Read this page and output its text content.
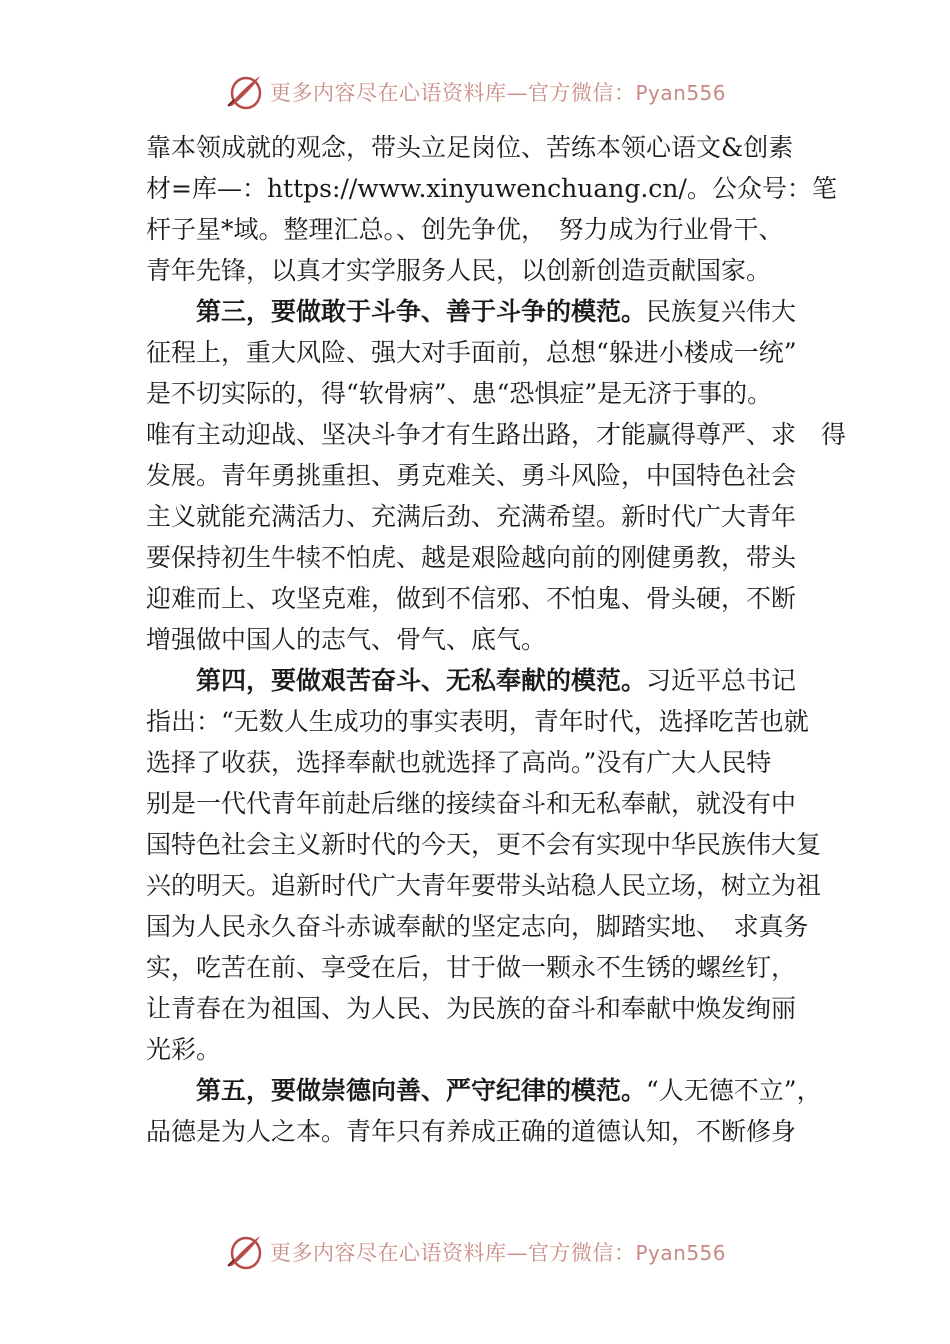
更多内容尽在心语资料库—官方微信：Pyan556
靠本领成就的观念，带头立足岗位、苦练本领心语文&创素
材=库—：https://www.xinyuwenchuang.cn/。公众号：笔
杆子星*域。整理汇总。、创先争优，　努力成为行业骨干、
青年先锋，以真才实学服务人民，以创新创造贡献国家。
第三，要做敢于斗争、善于斗争的模范。民族复兴伟大
征程上，重大风险、强大对手面前，总想“躲进小楼成一统”
是不切实际的，得“软骨病”、患“恐惧症”是无济于事的。
唯有主动迎战、坚决斗争才有生路出路，才能赢得尊严、求　得
发展。青年勇挑重担、勇克难关、勇斗风险，中国特色社会
主义就能充满活力、充满后劲、充满希望。新时代广大青年
要保持初生牛犊不怕虎、越是艰险越向前的刚健勇教，带头
迎难而上、攻坚克难，做到不信邪、不怕鬼、骨头硬，不断
增强做中国人的志气、骨气、底气。
第四，要做艰苦奋斗、无私奉献的模范。习近平总书记
指出：“无数人生成功的事实表明，青年时代，选择吃苦也就
选择了收获，选择奉献也就选择了高尚。”没有广大人民特
别是一代代青年前赴后继的接续奋斗和无私奉献，就没有中
国特色社会主义新时代的今天，更不会有实现中华民族伟大复
兴的明天。追新时代广大青年要带头站稳人民立场，树立为祖
国为人民永久奋斗赤诚奉献的坚定志向，脚踏实地、　求真务
实，吃苦在前、享受在后，甘于做一颗永不生锈的螺丝钉，
让青春在为祖国、为人民、为民族的奋斗和奉献中焕发绚丽
光彩。
第五，要做崇德向善、严守纪律的模范。“人无德不立”，
品德是为人之本。青年只有养成正确的道德认知，不断修身
更多内容尽在心语资料库—官方微信：Pyan556
